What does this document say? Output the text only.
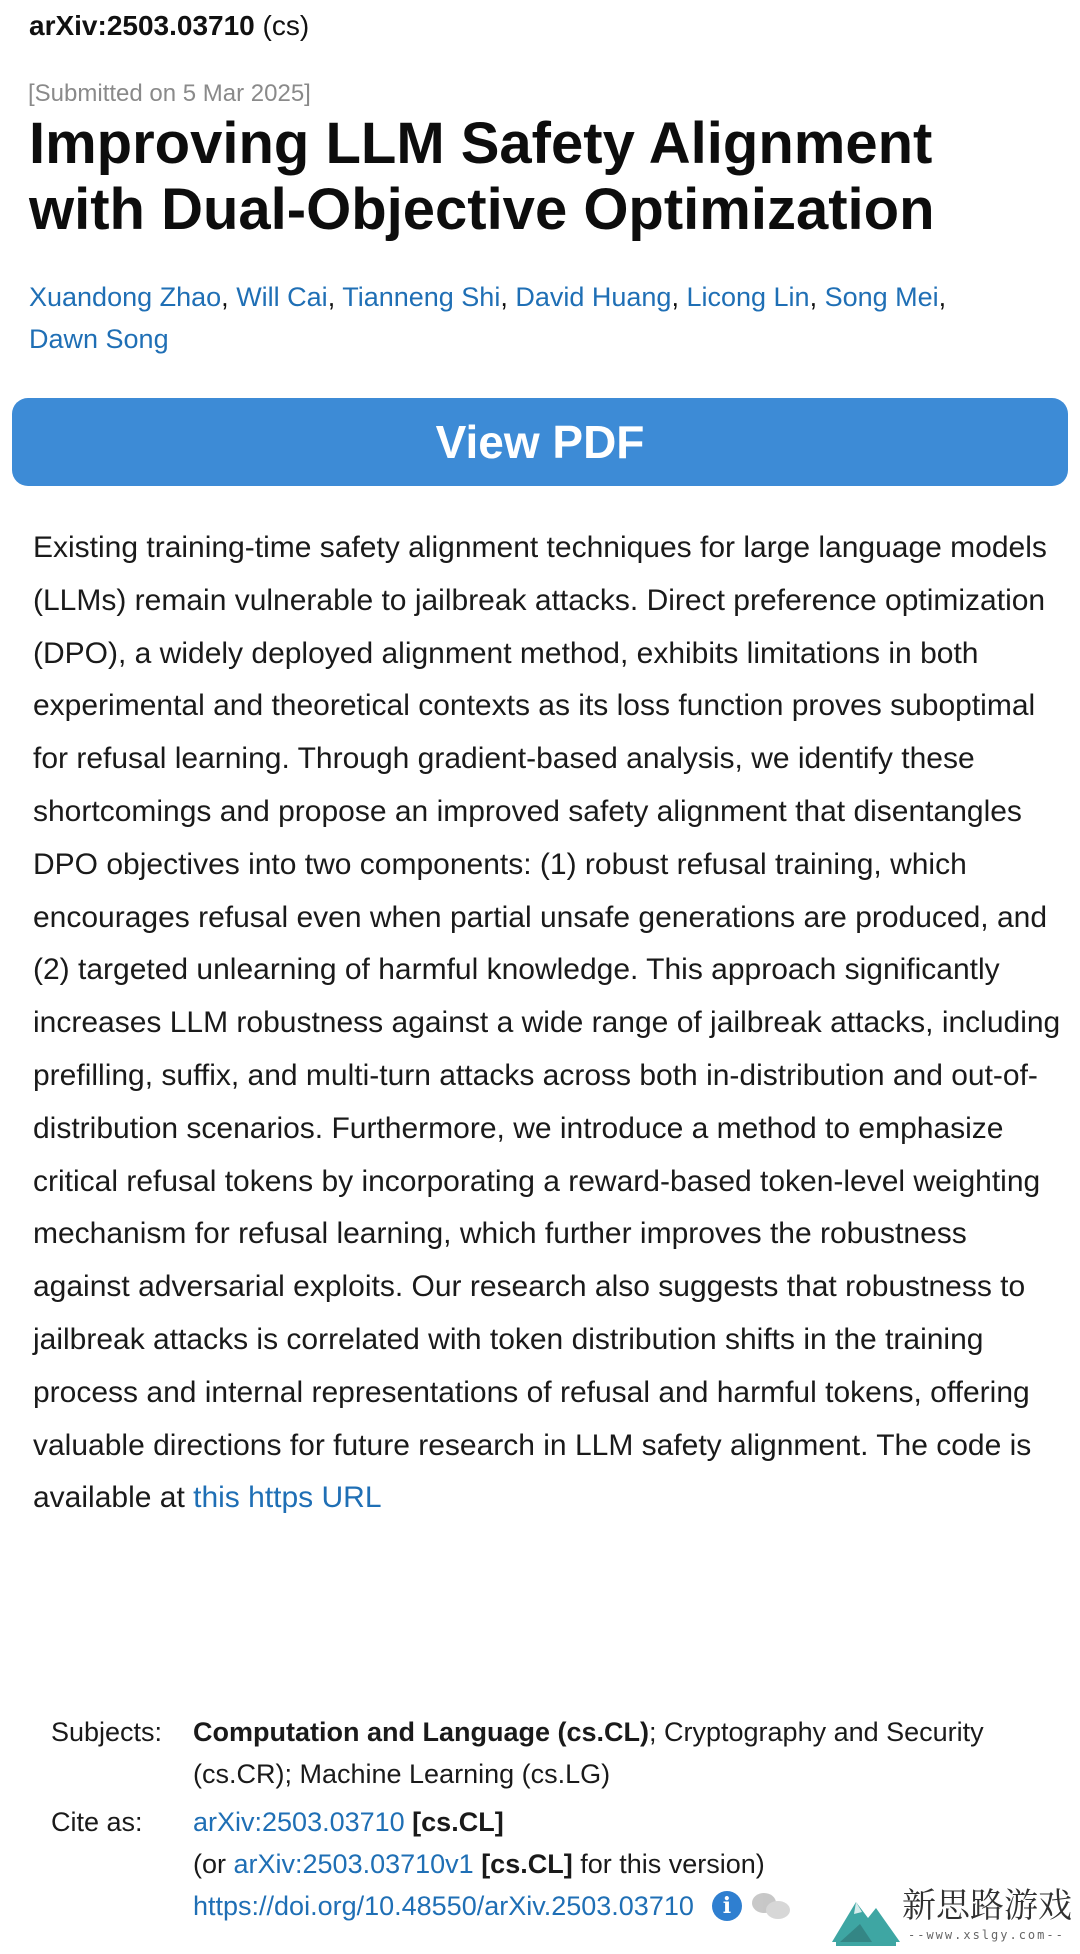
arXiv:2503.03710 (cs)
[Submitted on 5 Mar 2025]
Improving LLM Safety Alignment with Dual-Objective Optimization
Xuandong Zhao, Will Cai, Tianneng Shi, David Huang, Licong Lin, Song Mei,
Dawn Song
View PDF

Existing training-time safety alignment techniques for large language models (LLMs) remain vulnerable to jailbreak attacks. Direct preference optimization (DPO), a widely deployed alignment method, exhibits limitations in both experimental and theoretical contexts as its loss function proves suboptimal for refusal learning. Through gradient-based analysis, we identify these shortcomings and propose an improved safety alignment that disentangles DPO objectives into two components: (1) robust refusal training, which encourages refusal even when partial unsafe generations are produced, and (2) targeted unlearning of harmful knowledge. This approach significantly increases LLM robustness against a wide range of jailbreak attacks, including prefilling, suffix, and multi-turn attacks across both in-distribution and out-of-distribution scenarios. Furthermore, we introduce a method to emphasize critical refusal tokens by incorporating a reward-based token-level weighting mechanism for refusal learning, which further improves the robustness against adversarial exploits. Our research also suggests that robustness to jailbreak attacks is correlated with token distribution shifts in the training process and internal representations of refusal and harmful tokens, offering valuable directions for future research in LLM safety alignment. The code is available at this https URL

Subjects:	Computation and Language (cs.CL); Cryptography and Security (cs.CR); Machine Learning (cs.LG)
Cite as:	arXiv:2503.03710 [cs.CL]
(or arXiv:2503.03710v1 [cs.CL] for this version)
https://doi.org/10.48550/arXiv.2503.03710	i	新思路游戏
--www.xslgy.com--
